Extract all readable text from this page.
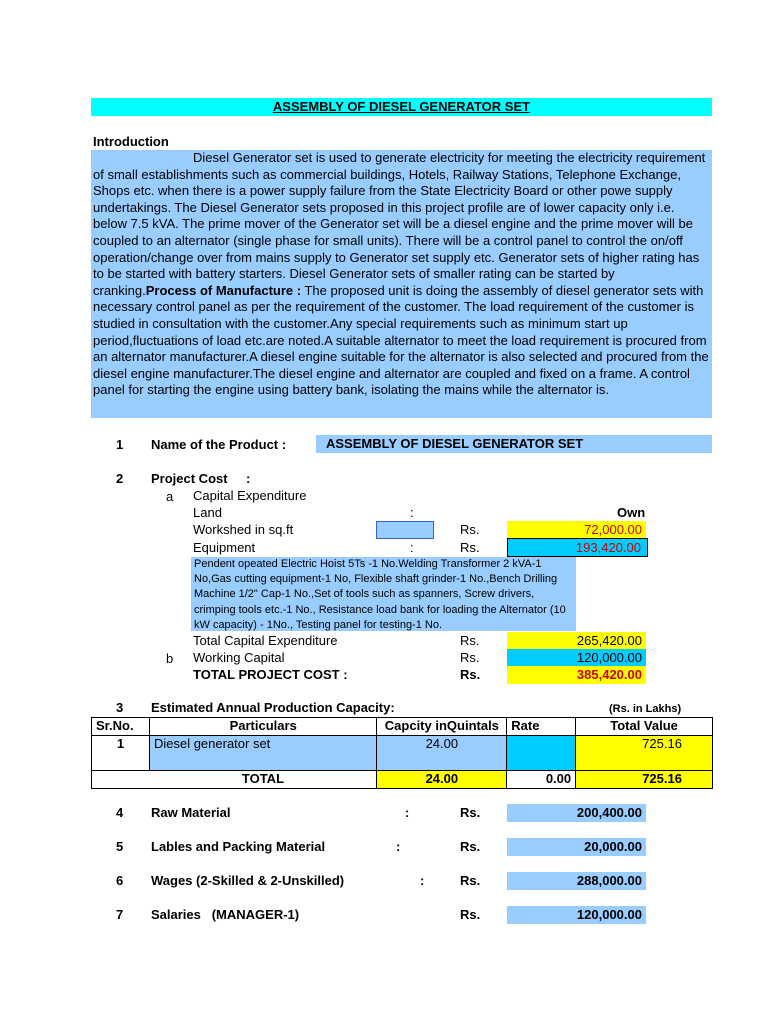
ASSEMBLY OF DIESEL GENERATOR SET
Introduction
Diesel Generator set is used to generate electricity for meeting the electricity requirement of small establishments such as commercial buildings, Hotels, Railway Stations, Telephone Exchange, Shops etc. when there is a power supply failure from the State Electricity Board or other powe supply undertakings. The Diesel Generator sets proposed in this project profile are of lower capacity only i.e. below 7.5 kVA. The prime mover of the Generator set will be a diesel engine and the prime mover will be coupled to an alternator (single phase for small units). There will be a control panel to control the on/off operation/change over from mains supply to Generator set supply etc. Generator sets of higher rating has to be started with battery starters. Diesel Generator sets of smaller rating can be started by cranking.Process of Manufacture : The proposed unit is doing the assembly of diesel generator sets with necessary control panel as per the requirement of the customer. The load requirement of the customer is studied in consultation with the customer.Any special requirements such as minimum start up period,fluctuations of load etc.are noted.A suitable alternator to meet the load requirement is procured from an alternator manufacturer.A diesel engine suitable for the alternator is also selected and procured from the diesel engine manufacturer.The diesel engine and alternator are coupled and fixed on a frame. A control panel for starting the engine using battery bank, isolating the mains while the alternator is.
1 Name of the Product :	ASSEMBLY OF DIESEL GENERATOR SET
2 Project Cost :
a Capital Expenditure
Land	:	Own
Workshed in sq.ft	Rs.	72,000.00
Equipment	:	Rs.	193,420.00
Pendent opeated Electric Hoist 5Ts -1 No.Welding Transformer 2 kVA-1 No,Gas cutting equipment-1 No, Flexible shaft grinder-1 No.,Bench Drilling Machine 1/2" Cap-1 No.,Set of tools such as spanners, Screw drivers, crimping tools etc.-1 No., Resistance load bank for loading the Alternator (10 kW capacity) - 1No., Testing panel for testing-1 No.
Total Capital Expenditure	Rs.	265,420.00
b Working Capital	Rs.	120,000.00
TOTAL PROJECT COST :	Rs.	385,420.00
3 Estimated Annual Production Capacity:	(Rs. in Lakhs)
Sr.No.	Particulars	Capcity inQuintals	Rate	Total Value
1	Diesel generator set	24.00		725.16
	TOTAL	24.00	0.00	725.16
4 Raw Material	:	Rs.	200,400.00
5 Lables and Packing Material	:	Rs.	20,000.00
6 Wages (2-Skilled & 2-Unskilled)	:	Rs.	288,000.00
7 Salaries   (MANAGER-1)	Rs.	120,000.00
